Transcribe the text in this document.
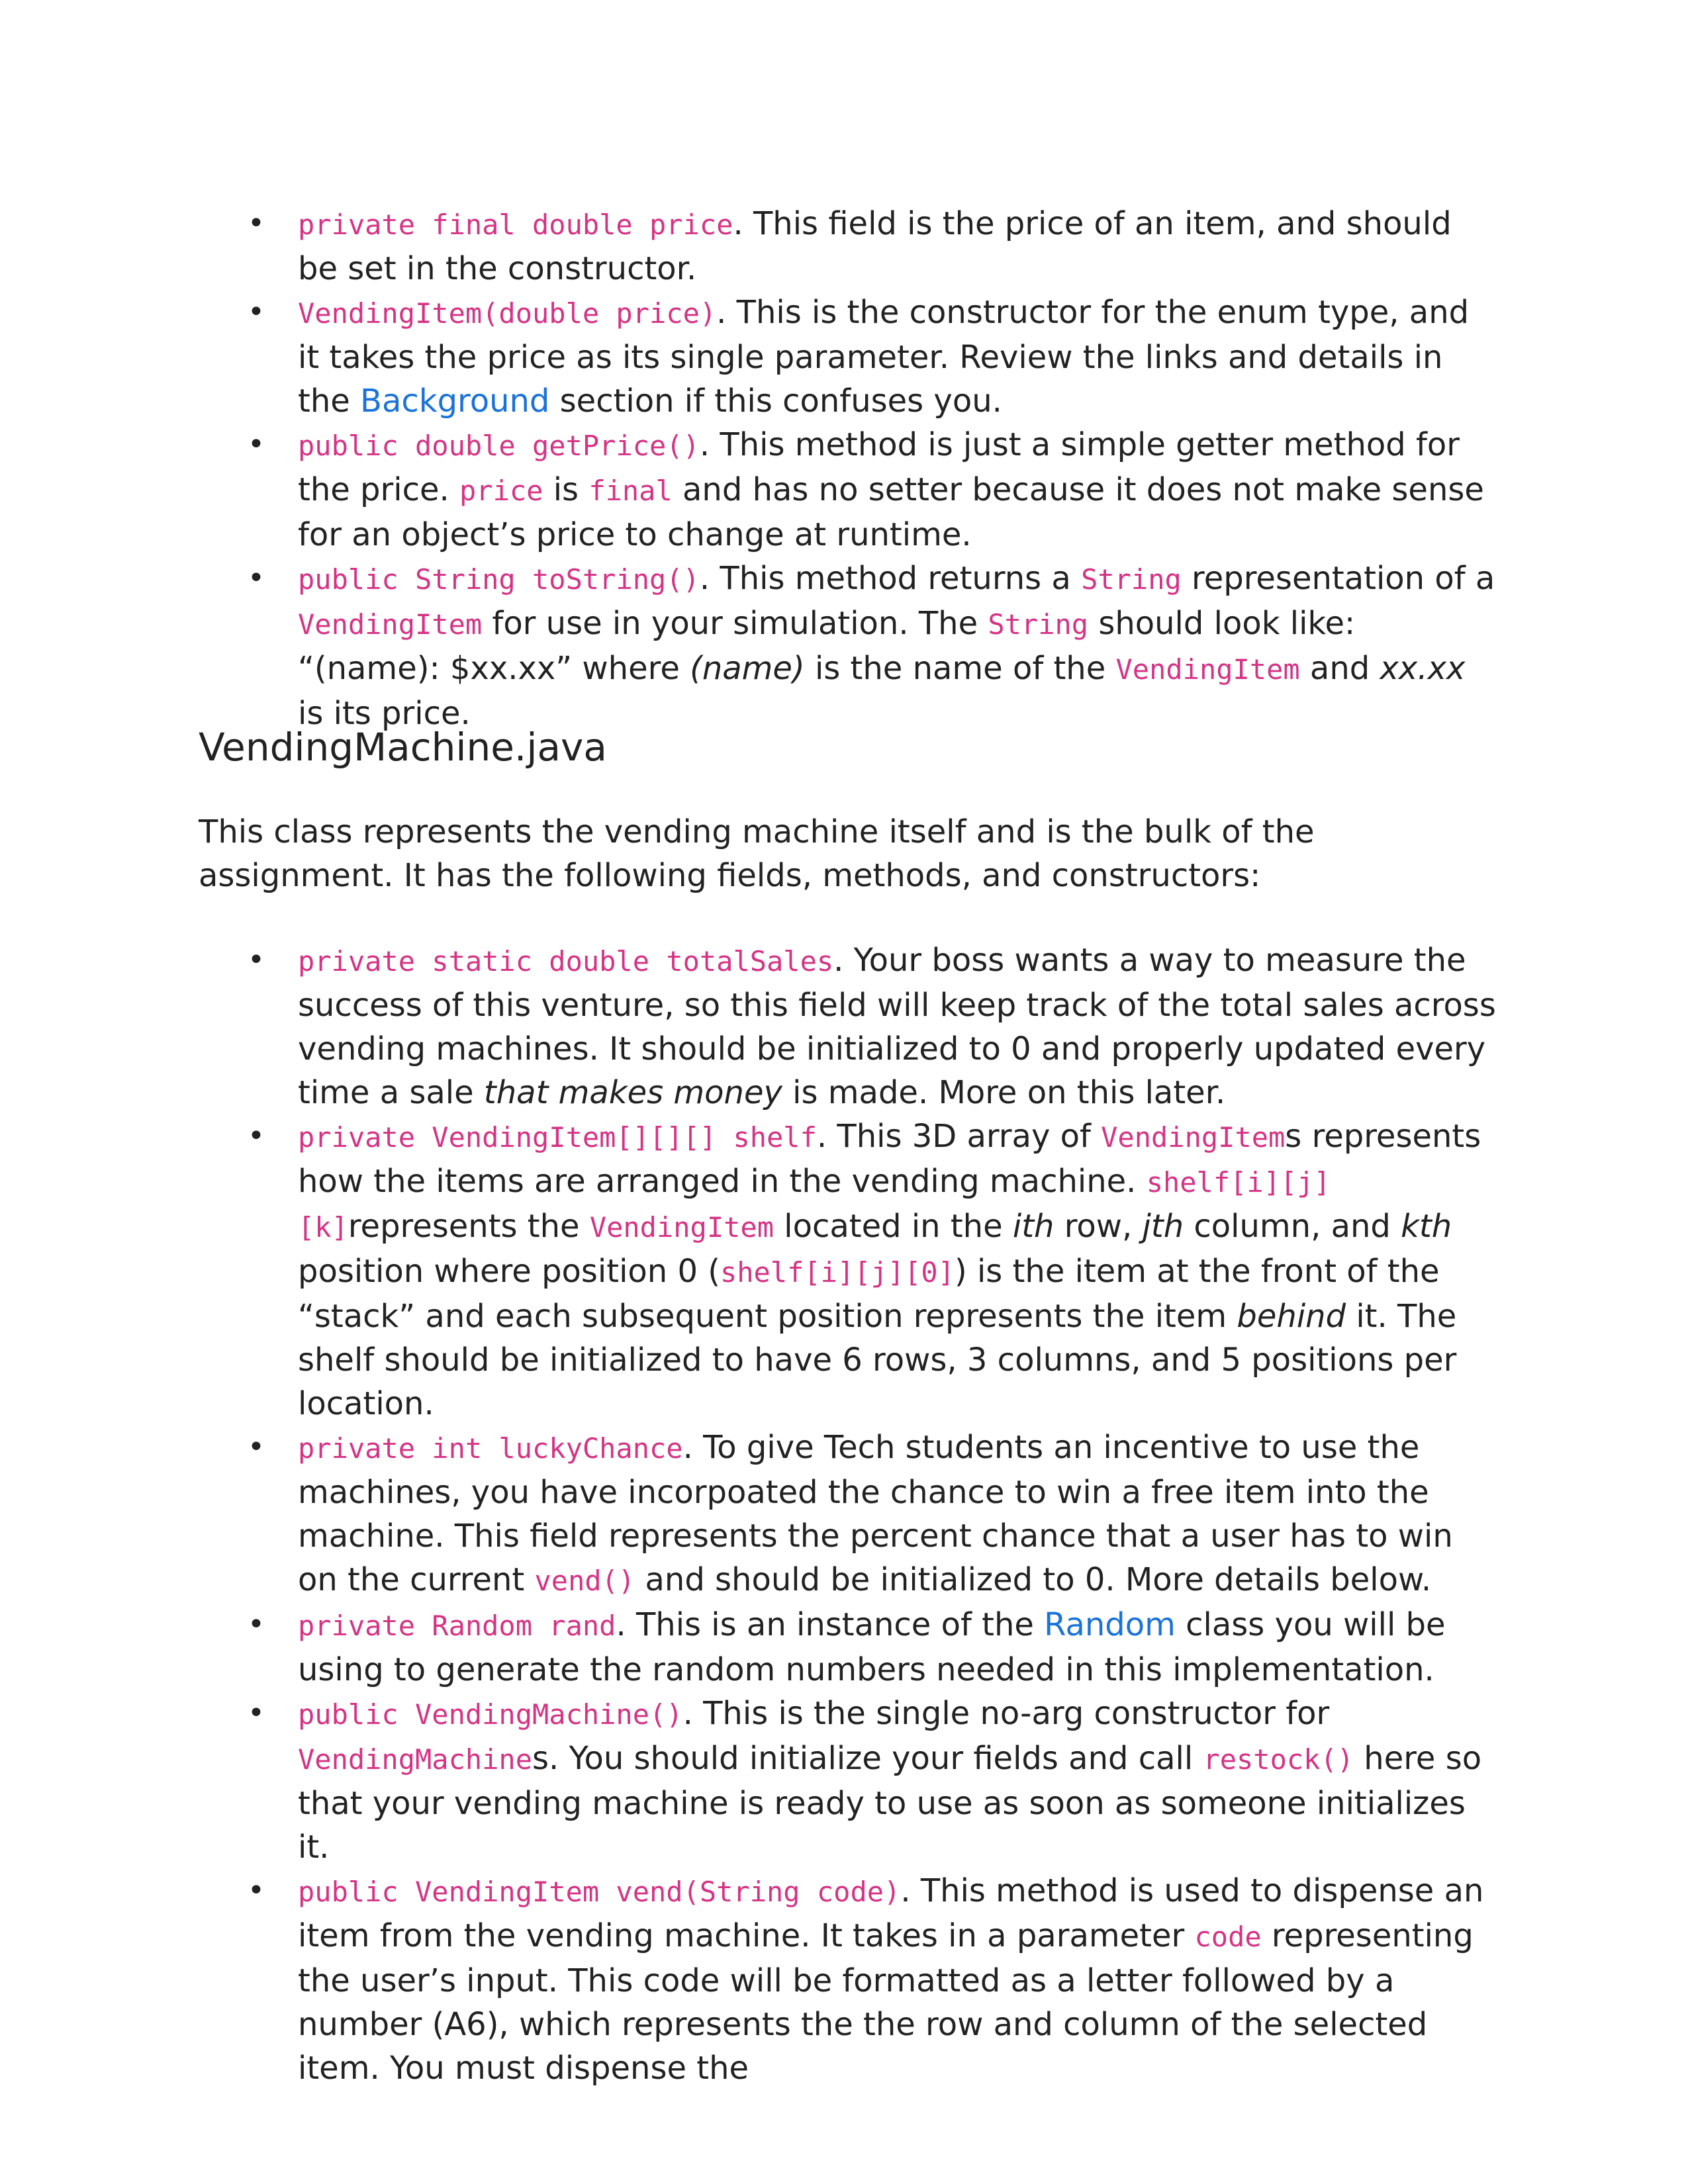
• private final double price. This field is the price of an item, and should be set in the constructor.
• VendingItem(double price). This is the constructor for the enum type, and it takes the price as its single parameter. Review the links and details in the Background section if this confuses you.
• public double getPrice(). This method is just a simple getter method for the price. price is final and has no setter because it does not make sense for an object’s price to change at runtime.
• public String toString(). This method returns a String representation of a VendingItem for use in your simulation. The String should look like: “(name): $xx.xx” where (name) is the name of the VendingItem and xx.xx is its price.
VendingMachine.java

This class represents the vending machine itself and is the bulk of the assignment. It has the following fields, methods, and constructors:

• private static double totalSales. Your boss wants a way to measure the success of this venture, so this field will keep track of the total sales across vending machines. It should be initialized to 0 and properly updated every time a sale that makes money is made. More on this later.
• private VendingItem[][][] shelf. This 3D array of VendingItems represents how the items are arranged in the vending machine. shelf[i][j][k]represents the VendingItem located in the ith row, jth column, and kth position where position 0 (shelf[i][j][0]) is the item at the front of the “stack” and each subsequent position represents the item behind it. The shelf should be initialized to have 6 rows, 3 columns, and 5 positions per location.
• private int luckyChance. To give Tech students an incentive to use the machines, you have incorpoated the chance to win a free item into the machine. This field represents the percent chance that a user has to win on the current vend() and should be initialized to 0. More details below.
• private Random rand. This is an instance of the Random class you will be using to generate the random numbers needed in this implementation.
• public VendingMachine(). This is the single no-arg constructor for VendingMachines. You should initialize your fields and call restock() here so that your vending machine is ready to use as soon as someone initializes it.
• public VendingItem vend(String code). This method is used to dispense an item from the vending machine. It takes in a parameter code representing the user’s input. This code will be formatted as a letter followed by a number (A6), which represents the the row and column of the selected item. You must dispense the
